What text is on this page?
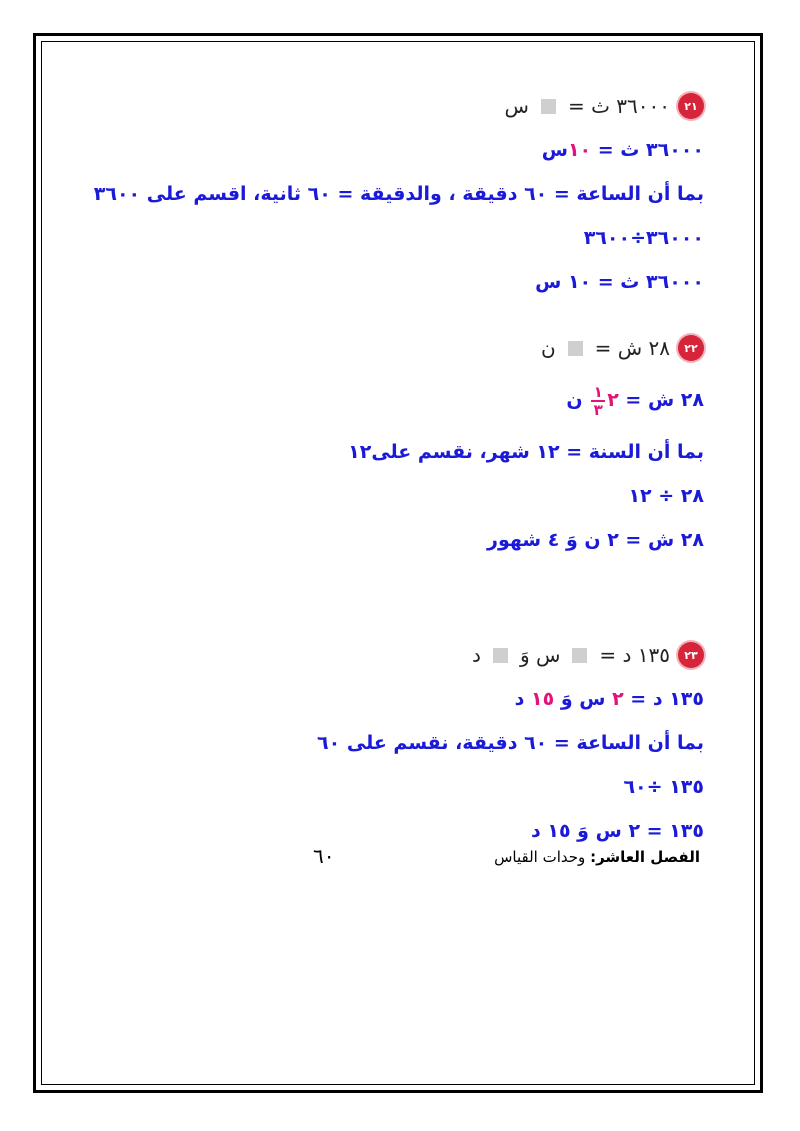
٢١
٣٦٠٠٠ ث =
س
٣٦٠٠٠ ث = ١٠س
بما أن الساعة = ٦٠ دقيقة ، والدقيقة = ٦٠ ثانية، اقسم على ٣٦٠٠
٣٦٠٠٠÷٣٦٠٠
٣٦٠٠٠ ث = ١٠ س
٢٢
٢٨ ش =
ن
٢٨ ش = ٢
$\frac{١}{٣}$
ن
بما أن السنة = ١٢ شهر، نقسم على١٢
٢٨ ÷ ١٢
٢٨ ش = ٢ ن وَ ٤ شهور
٢٣
١٣٥ د =
س وَ
د
١٣٥ د = ٢ س وَ ١٥ د
بما أن الساعة = ٦٠ دقيقة، نقسم على ٦٠
١٣٥ ÷٦٠
١٣٥ = ٢ س وَ ١٥ د
الفصل العاشر: وحدات القياس
٦٠
